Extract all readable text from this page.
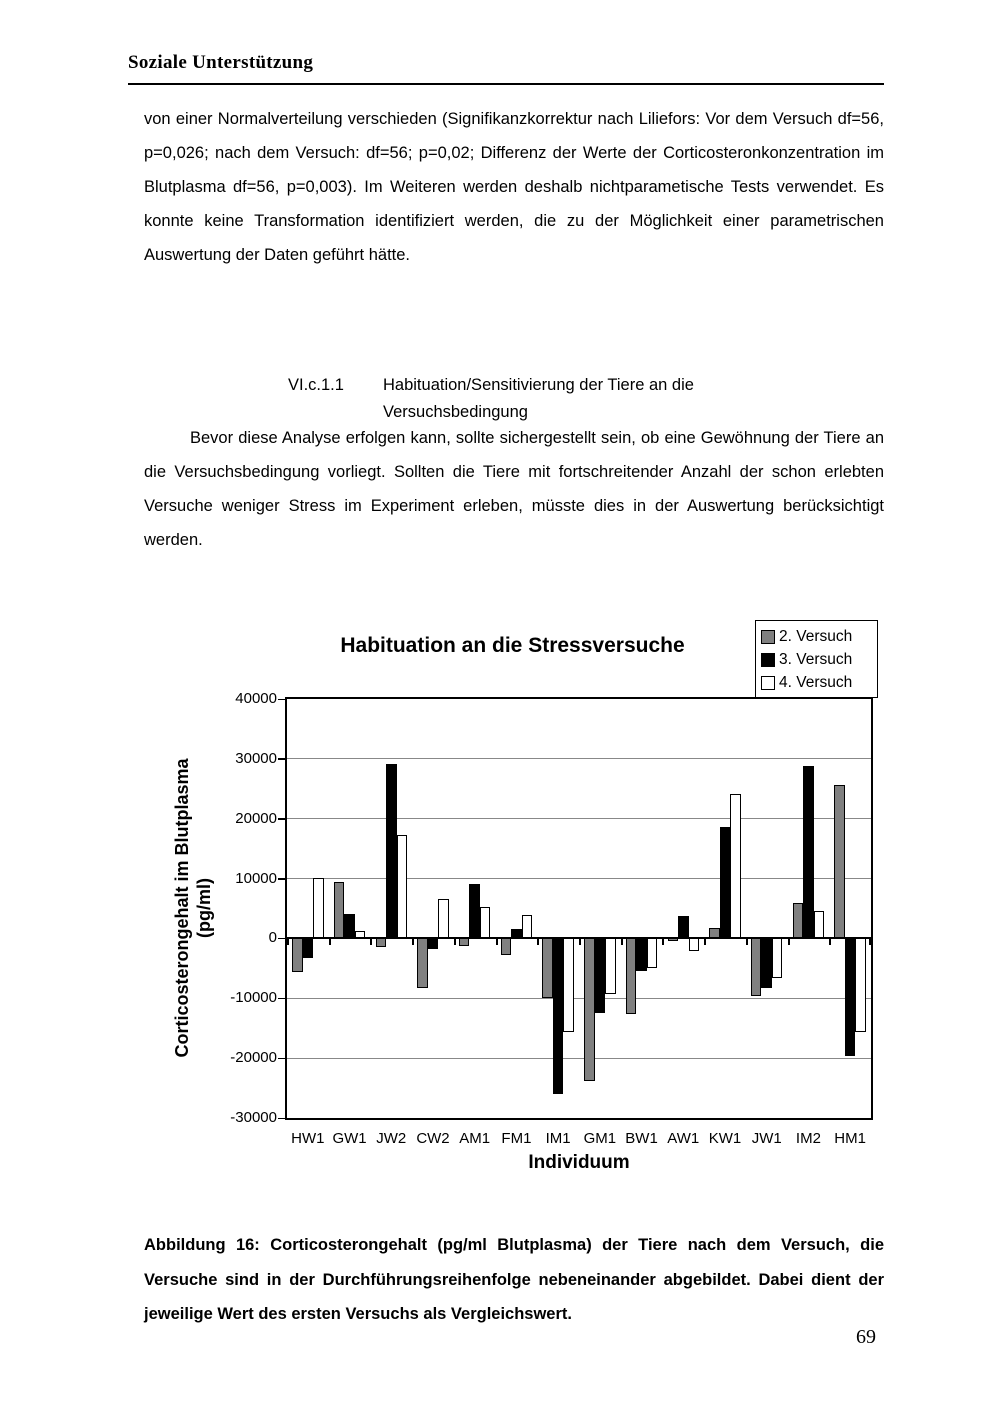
Soziale Unterstützung

von einer Normalverteilung verschieden (Signifikanzkorrektur nach Liliefors: Vor dem Versuch df=56, p=0,026; nach dem Versuch: df=56; p=0,02; Differenz der Werte der Corticosteronkonzentration im Blutplasma df=56, p=0,003). Im Weiteren werden deshalb nichtparametische Tests verwendet. Es konnte keine Transformation identifiziert werden, die zu der Möglichkeit einer parametrischen Auswertung der Daten geführt hätte.

VI.c.1.1	Habituation/Sensitivierung der Tiere an die
Versuchsbedingung

Bevor diese Analyse erfolgen kann, sollte sichergestellt sein, ob eine Gewöhnung der Tiere an die Versuchsbedingung vorliegt. Sollten die Tiere mit fortschreitender Anzahl der schon erlebten Versuche weniger Stress im Experiment erleben, müsste dies in der Auswertung berücksichtigt werden.

Habituation an die Stressversuche	2. Versuch
3. Versuch
4. Versuch
Corticosterongehalt im Blutplasma (pg/ml)
Individuum
40000
30000
20000
10000
0
-10000
-20000
-30000
HW1 GW1 JW2 CW2 AM1 FM1 IM1 GM1 BW1 AW1 KW1 JW1 IM2 HM1

Abbildung 16: Corticosterongehalt (pg/ml Blutplasma) der Tiere nach dem Versuch, die Versuche sind in der Durchführungsreihenfolge nebeneinander abgebildet. Dabei dient der jeweilige Wert des ersten Versuchs als Vergleichswert.

69
